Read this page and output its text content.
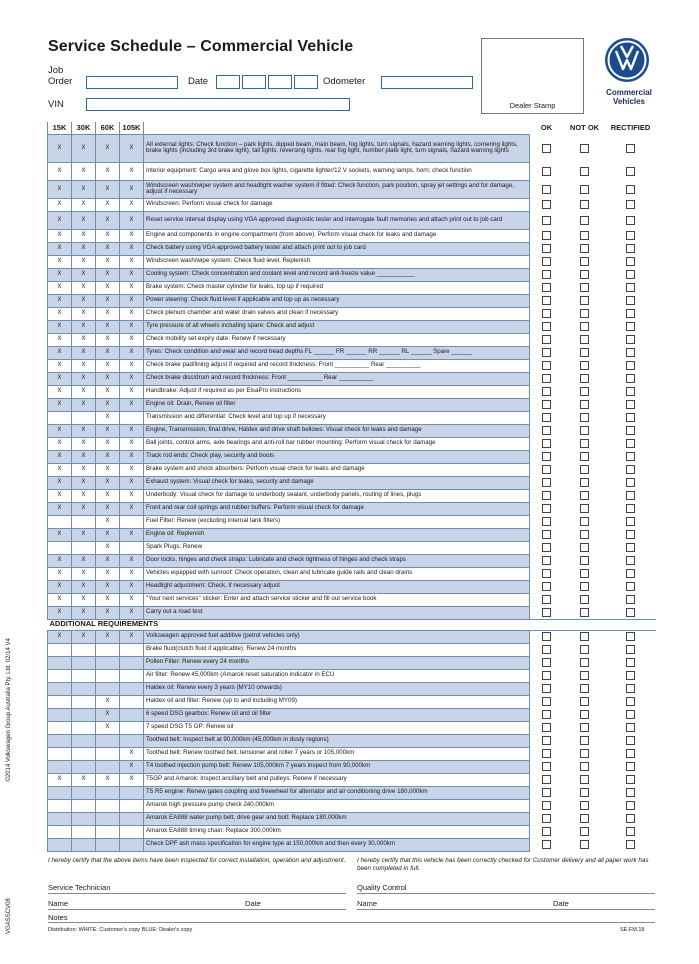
Service Schedule – Commercial Vehicle
Job
Order	Date	Odometer
VIN	Dealer Stamp
Commercial
Vehicles
15K	30K	60K	105K		OK	NOT OK	RECTIFIED
X	X	X	X	All external lights: Check function – park lights, dipped beam, main beam, fog lights, turn signals, hazard warning lights, cornering lights, brake lights (including 3rd brake light), tail lights, reversing lights, rear fog light, number plate light, turn signals, hazard warning lights			
X	X	X	X	Interior equipment: Cargo area and glove box lights, cigarette lighter/12 V sockets, warning lamps, horn; check function			
X	X	X	X	Windscreen wash/wiper system and headlight washer system if fitted: Check function, park position, spray jet settings and for damage, adjust if necessary			
X	X	X	X	Windscreen: Perform visual check for damage			
X	X	X	X	Reset service interval display using VGA approved diagnostic tester and interrogate fault memories and attach print out to job card			
X	X	X	X	Engine and components in engine compartment (from above): Perform visual check for leaks and damage			
X	X	X	X	Check battery using VGA approved battery tester and attach print out to job card			
X	X	X	X	Windscreen wash/wipe system: Check fluid level, Replenish			
X	X	X	X	Cooling system: Check concentration and coolant level and record anti-freeze value ___________			
X	X	X	X	Brake system: Check master cylinder for leaks, top up if required			
X	X	X	X	Power steering: Check fluid level if applicable and top up as necessary			
X	X	X	X	Check plenum chamber and water drain valves and clean if necessary			
X	X	X	X	Tyre pressure of all wheels including spare: Check and adjust			
X	X	X	X	Check mobility set expiry date: Renew if necessary			
X	X	X	X	Tyres: Check condition and wear and record tread depths FL ______ FR ______ RR ______ RL ______ Spare ______			
X	X	X	X	Check brake pad/lining adjust if required and record thickness: Front __________ Rear __________			
X	X	X	X	Check brake disc/drum and record thickness: Front __________ Rear __________			
X	X	X	X	Handbrake: Adjust if required as per ElsaPro instructions			
X	X	X	X	Engine oil: Drain, Renew oil filter			
		X		Transmission and differential: Check level and top up if necessary			
X	X	X	X	Engine, Transmission, final drive, Haldex and drive shaft bellows: Visual check for leaks and damage			
X	X	X	X	Ball joints, control arms, axle bearings and anti-roll bar rubber mounting: Perform visual check for damage			
X	X	X	X	Track rod ends: Check play, security and boots			
X	X	X	X	Brake system and shock absorbers: Perform visual check for leaks and damage			
X	X	X	X	Exhaust system: Visual check for leaks, security and damage			
X	X	X	X	Underbody: Visual check for damage to underbody sealant, underbody panels, routing of lines, plugs			
X	X	X	X	Front and rear coil springs and rubber buffers: Perform visual check for damage			
		X		Fuel Filter: Renew (excluding internal tank filters)			
X	X	X	X	Engine oil: Replenish			
		X		Spark Plugs: Renew			
X	X	X	X	Door locks, hinges and check straps: Lubricate and check tightness of hinges and check straps			
X	X	X	X	Vehicles equipped with sunroof: Check operation, clean and lubricate guide rails and clean drains			
X	X	X	X	Headlight adjustment: Check, if necessary adjust			
X	X	X	X	"Your next services" sticker: Enter and attach service sticker and fill out service book			
X	X	X	X	Carry out a road test			
ADDITIONAL REQUIREMENTS							
X	X	X	X	Volkswagen approved fuel additive (petrol vehicles only)			
				Brake fluid(clutch fluid if applicable): Renew 24 months			
				Pollen Filter: Renew every 24 months			
				Air filter: Renew 45,000km (Amarok reset saturation indicator in ECU			
				Haldex oil: Renew every 3 years (MY10 onwards)			
		X		Haldex oil and filter: Renew (up to and including MY09)			
		X		6 speed DSG gearbox: Renew oil and oil filter			
		X		7 speed DSG T5 GP: Renew oil			
				Toothed belt: Inspect belt at 90,000km (45,000km in dusty regions)			
			X	Toothed belt: Renew toothed belt, tensioner and roller 7 years or 105,000km			
			X	T4 toothed injection pump belt: Renew 105,000km 7 years inspect from 90,000km			
X	X	X	X	T5GP and Amarok: Inspect ancillary belt and pulleys: Renew if necessary			
				T5 R5 engine: Renew gates coupling and freewheel for alternator and air conditioning drive 180,000km			
				Amarok high pressure pump check 240,000km			
				Amarok EA888 water pump belt, drive gear and bolt: Replace 180,000km			
				Amarok EA888 timing chain: Replace 300,000km			
				Check DPF ash mass specification for engine type at 150,000km and then every 30,000km			
I hereby certify that the above items have been inspected for correct installation, operation and adjustment.	I hereby certify that this vehicle has been correctly checked for Customer delivery and all paper work has been completed in full.
Service Technician
Name	Date
Quality Control
Name	Date
Notes
Distribution: WHITE: Customer's copy BLUE: Dealer's copy	SE.FM.18
VGASSCV08                                                                      ©2014 Volkswagen Group Australia Pty. Ltd. 02/14 V4
